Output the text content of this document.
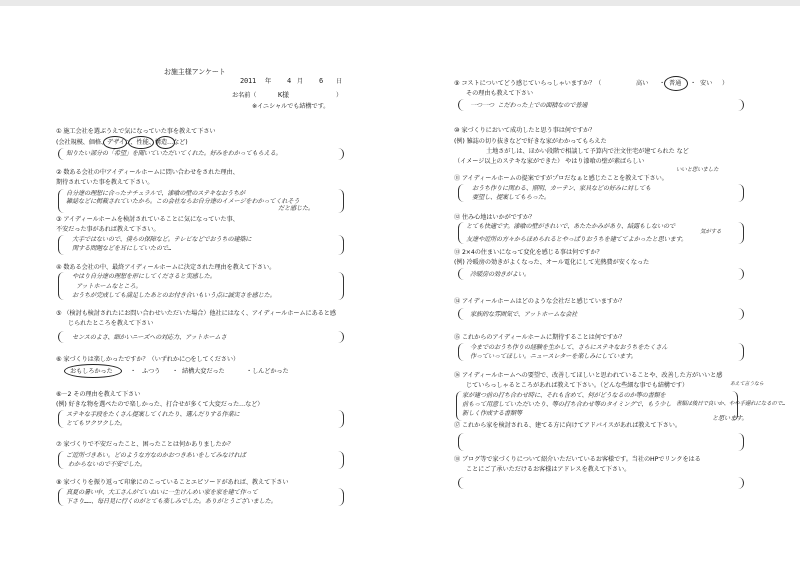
お施主様アンケート
2011 年 4 月 6 日
お名前（	K様	）
※イニシャルでも結構です。
① 施工会社を選ぶうえで気になっていた事を教えて下さい
(会社規模、価格、デザイン、性能、構造…など)
知りたい部分の「希望」を聞いていただいてくれた。好みをわかってもらえる。
② 数ある会社の中アイディールホームに問い合わせをされた理由、
期待されていた事を教えて下さい。
自分達の理想に合ったナチュラルで、漆喰の壁のステキなおうちが
雑誌などに掲載されていたから。この会社ならお自分達のイメージをわかってくれそう
だと感じた。
③ アイディールホームを検討されていることに気になっていた事、
不安だった事があれば教えて下さい。
大手ではないので、僕らの保障など。テレビなどでおうちの建築に
関する問題などを耳にしていたので…
④ 数ある会社の中、最終アイディールホームに決定された理由を教えて下さい。
やはり自分達の理想を形にしてくださると実感した。
アットホームなところ。
おうちが完成しても満足したあとのお付き合いもいう点に誠実さを感じた。
⑤ （検討も検討されたにお問い合わせいただいた場合）他社にはなく、アイディールホームにあると感
じられたところを教えて下さい
センスのよさ、細かいニーズへの対応力、アットホームさ
⑥ 家づくりは楽しかったですか？（いずれかに○をしてください）
おもしろかった	・ ふつう ・ 結構大変だった	・しんどかった
⑥－2 その理由を教えて下さい
(例) 好きな物を選べたので楽しかった、打合せが多くて大変だった…など）
ステキな手段をたくさん提案してくれたり、選んだりする作業に
とてもワクワクした。
⑦ 家づくりで不安だったこと、困ったことは何かありましたか？
ご近所づきあい。どのような方なのかおつきあいをしてみなければ
わからないので不安でした。
⑧ 家づくりを振り返って印象にのこっていることエピソードがあれば、教えて下さい
真夏の暑い中、大工さんがていねいに一生けんめい家を家を建て作って
下さり……、毎日見に行くのがとても楽しみでした。ありがとうございました。
⑨ コストについてどう感じていらっしゃいますか？（	高い ・ 普通 ・ 安い ）
その理由も教えて下さい
一つ一つ こだわった上での面積なので普通
⑩ 家づくりにおいて成功したと思う事は何ですか？
(例) 雑誌の切り抜きなどで好きな家がわかってもらえた
土地さがしは、ほかい段階で相談して予算内で注文住宅が建てられた など
（イメージ以上のステキな家ができた） やはり漆喰の壁が素ばらしい
いいと思いました
⑪ アイディールホームの提案ですがプロだなぁと感じたことを教えて下さい。
おうち作りに関わる、照明、カーテン、家具などの好みに対しても
要望し、提案してもらった。
⑫ 住み心地はいかがですか？
とても快適です。漆喰の壁がきれいで、あたたかみがあり、結露もしないので
気がする
友達や近所の方々からほめられるとやっぱりおうちを建ててよかったと思います。
⑬ 2×4の住まいになって変化を感じる事は何ですか？
(例) 冷暖房の効きがよくなった、オール電化にして光熱費が安くなった
冷暖房の効きがよい。
⑭ アイディールホームはどのような会社だと感じていますか？
家族的な雰囲気で、アットホームな会社
⑮ これからのアイディールホームに期待することは何ですか？
今までのおうち作りの経験を生かして、さらにステキなおうちをたくさん
作っていってほしい。ニュースレターを楽しみにしています。
⑯ アイディールホームへの要望で、改善してほしいと思われていることや、改善した方がいいと感
じていらっしゃるところがあれば教えて下さい。（どんな些細な事でも結構です）	あえて言うなら
家が建つ前の打ち合わせ時に、それも含めて、何がどうなるのか等の書類を
前もって用意していただいたり、等の打ち合わせ等のタイミングで、もう少し 書類は後日で良いか、やや手遅れになるので…
新しく作成する書類等
と思います。
⑰ これから家を検討される、建てる方に向けてアドバイスがあれば教えて下さい。
⑱ ブログ等で家づくりについて紹介いただいているお客様です。当社のHPでリンクをはる
ことにご了承いただけるお客様はアドレスを教えて下さい。
